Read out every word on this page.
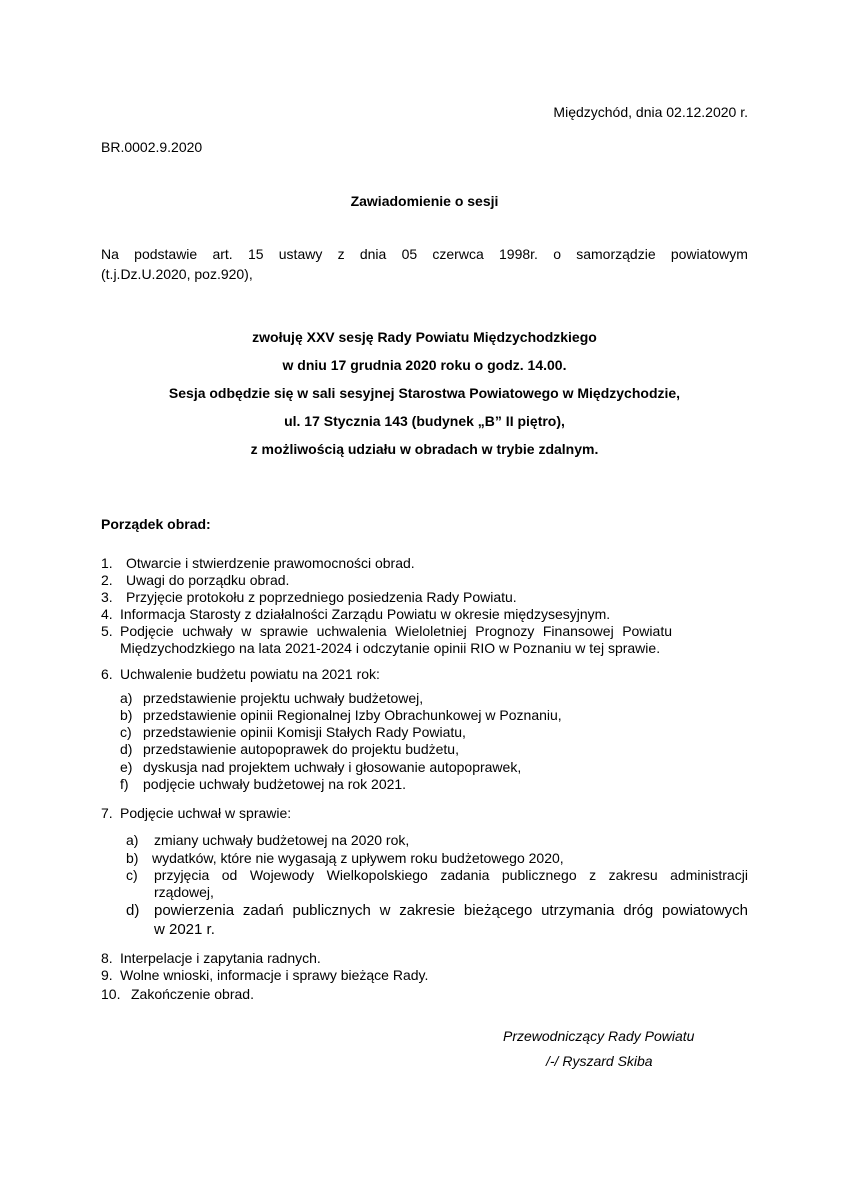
Międzychód, dnia 02.12.2020 r.
BR.0002.9.2020
Zawiadomienie o sesji
Na podstawie art. 15 ustawy z dnia 05 czerwca 1998r. o samorządzie powiatowym
(t.j.Dz.U.2020, poz.920),
zwołuję XXV sesję Rady Powiatu Międzychodzkiego
w dniu 17 grudnia 2020 roku o godz. 14.00.
Sesja odbędzie się w sali sesyjnej Starostwa Powiatowego w Międzychodzie,
ul. 17 Stycznia 143 (budynek „B” II piętro),
z możliwością udziału w obradach w trybie zdalnym.
Porządek obrad:
1. Otwarcie i stwierdzenie prawomocności obrad.
2. Uwagi do porządku obrad.
3. Przyjęcie protokołu z poprzedniego posiedzenia Rady Powiatu.
4. Informacja Starosty z działalności Zarządu Powiatu w okresie międzysesyjnym.
5. Podjęcie uchwały w sprawie uchwalenia Wieloletniej Prognozy Finansowej Powiatu
Międzychodzkiego na lata 2021-2024 i odczytanie opinii RIO w Poznaniu w tej sprawie.
6. Uchwalenie budżetu powiatu na 2021 rok:
a) przedstawienie projektu uchwały budżetowej,
b) przedstawienie opinii Regionalnej Izby Obrachunkowej w Poznaniu,
c) przedstawienie opinii Komisji Stałych Rady Powiatu,
d) przedstawienie autopoprawek do projektu budżetu,
e) dyskusja nad projektem uchwały i głosowanie autopoprawek,
f) podjęcie uchwały budżetowej na rok 2021.
7. Podjęcie uchwał w sprawie:
a) zmiany uchwały budżetowej na 2020 rok,
b) wydatków, które nie wygasają z upływem roku budżetowego 2020,
c) przyjęcia od Wojewody Wielkopolskiego zadania publicznego z zakresu administracji
rządowej,
d) powierzenia zadań publicznych w zakresie bieżącego utrzymania dróg powiatowych
w 2021 r.
8. Interpelacje i zapytania radnych.
9. Wolne wnioski, informacje i sprawy bieżące Rady.
10. Zakończenie obrad.
Przewodniczący Rady Powiatu
/-/ Ryszard Skiba
